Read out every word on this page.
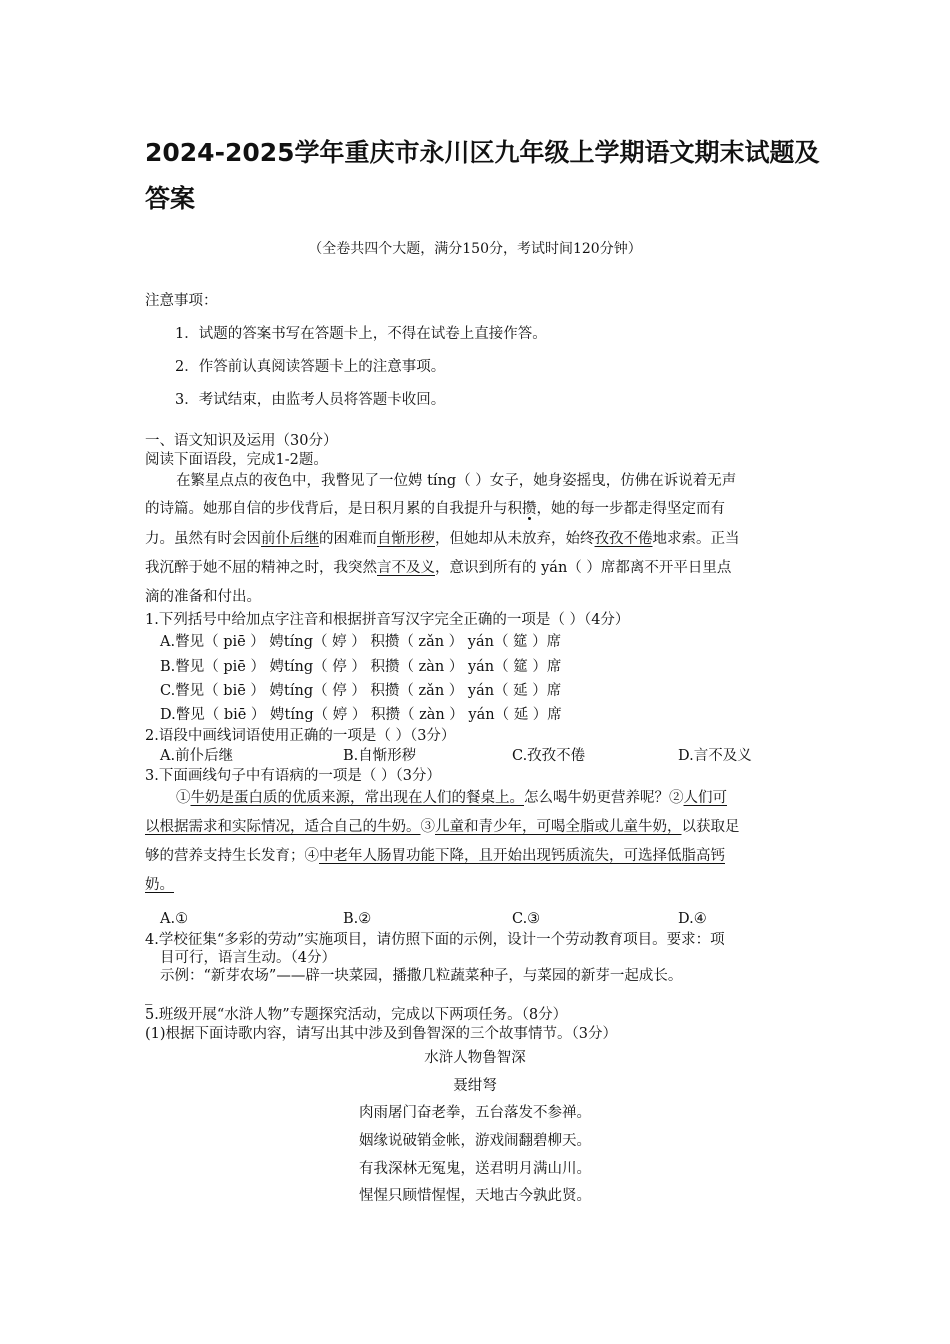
2024-2025学年重庆市永川区九年级上学期语文期末试题及答案
（全卷共四个大题，满分150分，考试时间120分钟）
注意事项：
1．试题的答案书写在答题卡上，不得在试卷上直接作答。
2．作答前认真阅读答题卡上的注意事项。
3．考试结束，由监考人员将答题卡收回。
一、语文知识及运用（30分）
阅读下面语段，完成1-2题。
在繁星点点的夜色中，我瞥见了一位娉 tíng（ ）女子，她身姿摇曳，仿佛在诉说着无声
的诗篇。她那自信的步伐背后，是日积月累的自我提升与积攒，她的每一步都走得坚定而有
力。虽然有时会因前仆后继的困难而自惭形秽，但她却从未放弃，始终孜孜不倦地求索。正当
我沉醉于她不屈的精神之时，我突然言不及义，意识到所有的 yán（ ）席都离不开平日里点
滴的准备和付出。
1.下列括号中给加点字注音和根据拼音写汉字完全正确的一项是（ ）（4分）
A.瞥见（ piē ） 娉tíng（ 婷 ） 积攒（ zǎn ） yán（ 筵 ）席
B.瞥见（ piē ） 娉tíng（ 停 ） 积攒（ zàn ） yán（ 筵 ）席
C.瞥见（ biē ） 娉tíng（ 停 ） 积攒（ zǎn ） yán（ 延 ）席
D.瞥见（ biē ） 娉tíng（ 婷 ） 积攒（ zàn ） yán（ 延 ）席
2.语段中画线词语使用正确的一项是（ ）（3分）
A.前仆后继	B.自惭形秽	C.孜孜不倦	D.言不及义
3.下面画线句子中有语病的一项是（ ）（3分）
①牛奶是蛋白质的优质来源，常出现在人们的餐桌上。怎么喝牛奶更营养呢？②人们可
以根据需求和实际情况，适合自己的牛奶。③儿童和青少年，可喝全脂或儿童牛奶，以获取足
够的营养支持生长发育；④中老年人肠胃功能下降，且开始出现钙质流失，可选择低脂高钙
奶。
A.①	B.②	C.③	D.④
4.学校征集“多彩的劳动”实施项目，请仿照下面的示例，设计一个劳动教育项目。要求：项
目可行，语言生动。（4分）
示例：“新芽农场”——辟一块菜园，播撒几粒蔬菜种子，与菜园的新芽一起成长。
_
5.班级开展“水浒人物”专题探究活动，完成以下两项任务。（8分）
(1)根据下面诗歌内容，请写出其中涉及到鲁智深的三个故事情节。（3分）
水浒人物鲁智深
聂绀弩
肉雨屠门奋老拳，五台落发不参禅。
姻缘说破销金帐，游戏闹翻碧柳天。
有我深林无冤鬼，送君明月满山川。
惺惺只顾惜惺惺，天地古今孰此贤。
